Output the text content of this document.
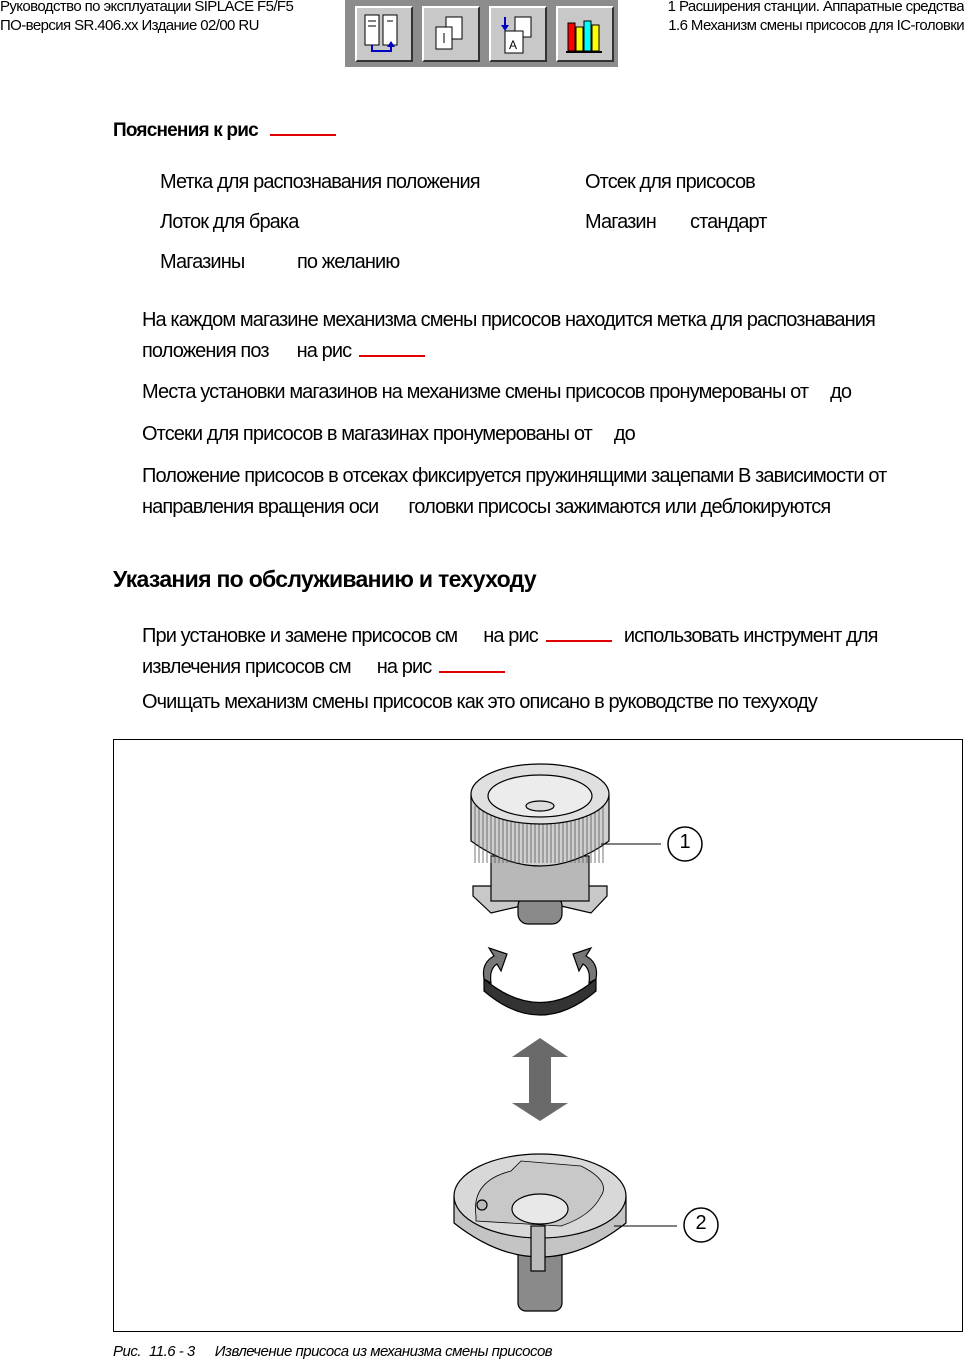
Руководство по эксплуатации SIPLACE F5/F5
ПО-версия SR.406.xx Издание 02/00 RU
1 Расширения станции. Аппаратные средства
1.6 Механизм смены присосов для IC-головки
A
Пояснения к рис
Метка для распознавания положения	Отсек для присосов
Лоток для брака	Магазин стандарт
Магазины	по желанию
На каждом магазине механизма смены присосов находится метка для распознавания
положения поз на рис
Места установки магазинов на механизме смены присосов пронумерованы от до
Отсеки для присосов в магазинах пронумерованы от до
Положение присосов в отсеках фиксируется пружинящими зацепами В зависимости от
направления вращения оси головки присосы зажимаются или деблокируются
Указания по обслуживанию и техуходу
При установке и замене присосов см на рис	использовать инструмент для
извлечения присосов см на рис
Очищать механизм смены присосов как это описано в руководстве по техуходу
1
2
Рис. 11.6 - 3 Извлечение присоса из механизма смены присосов
